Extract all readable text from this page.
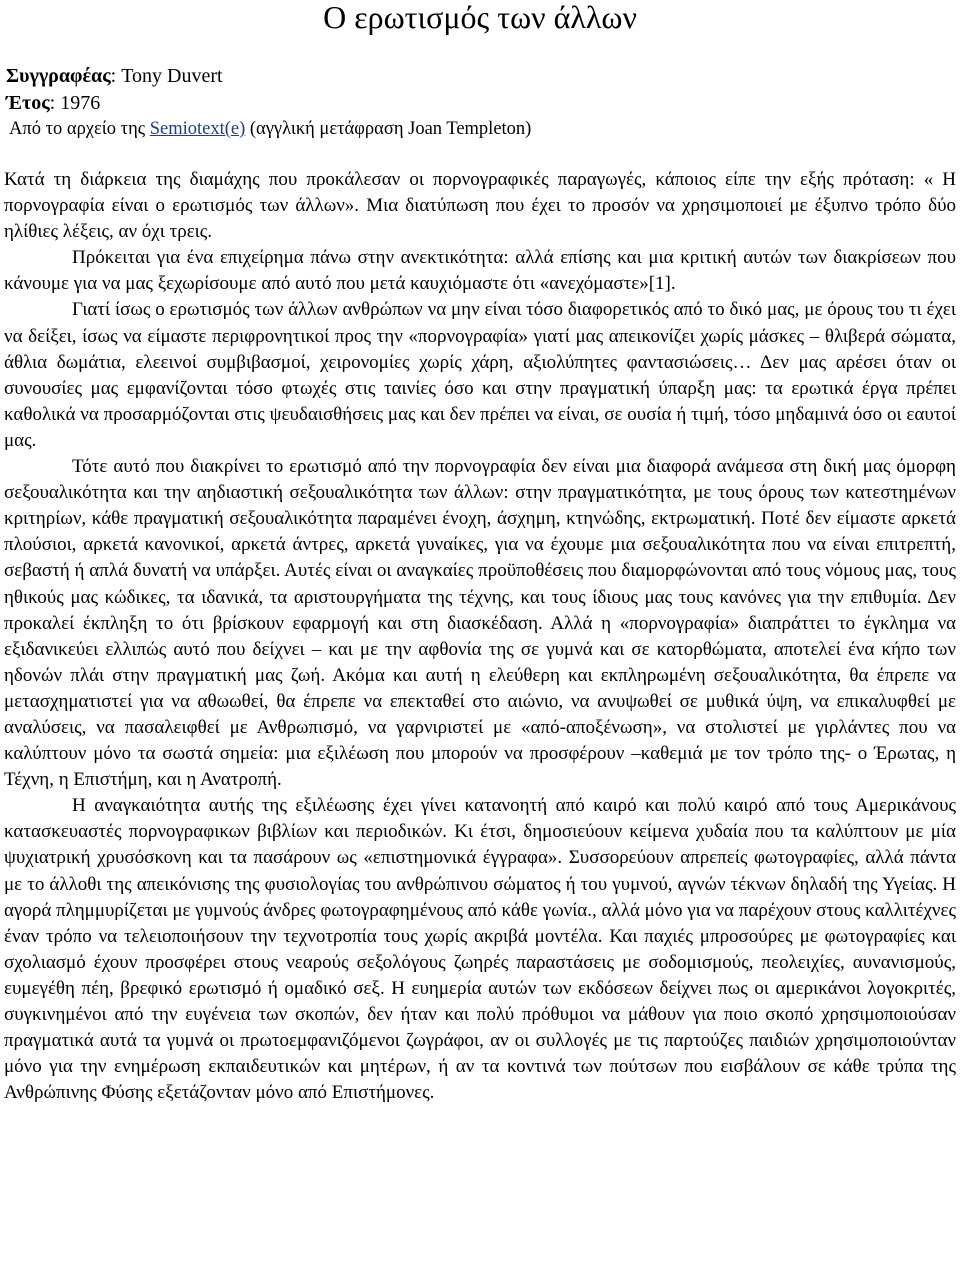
Ο ερωτισμός των άλλων
Συγγραφέας: Tony Duvert
Έτος: 1976
Από το αρχείο της Semiotext(e) (αγγλική μετάφραση Joan Templeton)

Κατά τη διάρκεια της διαμάχης που προκάλεσαν οι πορνογραφικές παραγωγές, κάποιος είπε την εξής πρόταση: « Η πορνογραφία είναι ο ερωτισμός των άλλων». Μια διατύπωση που έχει το προσόν να χρησιμοποιεί με έξυπνο τρόπο δύο ηλίθιες λέξεις, αν όχι τρεις.

Πρόκειται για ένα επιχείρημα πάνω στην ανεκτικότητα: αλλά επίσης και μια κριτική αυτών των διακρίσεων που κάνουμε για να μας ξεχωρίσουμε από αυτό που μετά καυχιόμαστε ότι «ανεχόμαστε»[1].

Γιατί ίσως ο ερωτισμός των άλλων ανθρώπων να μην είναι τόσο διαφορετικός από το δικό μας, με όρους του τι έχει να δείξει, ίσως να είμαστε περιφρονητικοί προς την «πορνογραφία» γιατί μας απεικονίζει χωρίς μάσκες – θλιβερά σώματα, άθλια δωμάτια, ελεεινοί συμβιβασμοί, χειρονομίες χωρίς χάρη, αξιολύπητες φαντασιώσεις… Δεν μας αρέσει όταν οι συνουσίες μας εμφανίζονται τόσο φτωχές στις ταινίες όσο και στην πραγματική ύπαρξη μας: τα ερωτικά έργα πρέπει καθολικά να προσαρμόζονται στις ψευδαισθήσεις μας και δεν πρέπει να είναι, σε ουσία ή τιμή, τόσο μηδαμινά όσο οι εαυτοί μας.

Τότε αυτό που διακρίνει το ερωτισμό από την πορνογραφία δεν είναι μια διαφορά ανάμεσα στη δική μας όμορφη σεξουαλικότητα και την αηδιαστική σεξουαλικότητα των άλλων: στην πραγματικότητα, με τους όρους των κατεστημένων κριτηρίων, κάθε πραγματική σεξουαλικότητα παραμένει ένοχη, άσχημη, κτηνώδης, εκτρωματική. Ποτέ δεν είμαστε αρκετά πλούσιοι, αρκετά κανονικοί, αρκετά άντρες, αρκετά γυναίκες, για να έχουμε μια σεξουαλικότητα που να είναι επιτρεπτή, σεβαστή ή απλά δυνατή να υπάρξει. Αυτές είναι οι αναγκαίες προϋποθέσεις που διαμορφώνονται από τους νόμους μας, τους ηθικούς μας κώδικες, τα ιδανικά, τα αριστουργήματα της τέχνης, και τους ίδιους μας τους κανόνες για την επιθυμία. Δεν προκαλεί έκπληξη το ότι βρίσκουν εφαρμογή και στη διασκέδαση. Αλλά η «πορνογραφία» διαπράττει το έγκλημα να εξιδανικεύει ελλιπώς αυτό που δείχνει – και με την αφθονία της σε γυμνά και σε κατορθώματα, αποτελεί ένα κήπο των ηδονών πλάι στην πραγματική μας ζωή. Ακόμα και αυτή η ελεύθερη και εκπληρωμένη σεξουαλικότητα, θα έπρεπε να μετασχηματιστεί για να αθωωθεί, θα έπρεπε να επεκταθεί στο αιώνιο, να ανυψωθεί σε μυθικά ύψη, να επικαλυφθεί με αναλύσεις, να πασαλειφθεί με Ανθρωπισμό, να γαρνιριστεί με «από-αποξένωση», να στολιστεί με γιρλάντες που να καλύπτουν μόνο τα σωστά σημεία: μια εξιλέωση που μπορούν να προσφέρουν –καθεμιά με τον τρόπο της- ο Έρωτας, η Τέχνη, η Επιστήμη, και η Ανατροπή.

Η αναγκαιότητα αυτής της εξιλέωσης έχει γίνει κατανοητή από καιρό και πολύ καιρό από τους Αμερικάνους κατασκευαστές πορνογραφικων βιβλίων και περιοδικών. Κι έτσι, δημοσιεύουν κείμενα χυδαία που τα καλύπτουν με μία ψυχιατρική χρυσόσκονη και τα πασάρουν ως «επιστημονικά έγγραφα». Συσσορεύουν απρεπείς φωτογραφίες, αλλά πάντα με το άλλοθι της απεικόνισης της φυσιολογίας του ανθρώπινου σώματος ή του γυμνού, αγνών τέκνων δηλαδή της Υγείας. Η αγορά πλημμυρίζεται με γυμνούς άνδρες φωτογραφημένους από κάθε γωνία., αλλά μόνο για να παρέχουν στους καλλιτέχνες έναν τρόπο να τελειοποιήσουν την τεχνοτροπία τους χωρίς ακριβά μοντέλα. Και παχιές μπροσούρες με φωτογραφίες και σχολιασμό έχουν προσφέρει στους νεαρούς σεξολόγους ζωηρές παραστάσεις με σοδομισμούς, πεολειχίες, αυνανισμούς, ευμεγέθη πέη, βρεφικό ερωτισμό ή ομαδικό σεξ. Η ευημερία αυτών των εκδόσεων δείχνει πως οι αμερικάνοι λογοκριτές, συγκινημένοι από την ευγένεια των σκοπών, δεν ήταν και πολύ πρόθυμοι να μάθουν για ποιο σκοπό χρησιμοποιούσαν πραγματικά αυτά τα γυμνά οι πρωτοεμφανιζόμενοι ζωγράφοι, αν οι συλλογές με τις παρτούζες παιδιών χρησιμοποιούνταν μόνο για την ενημέρωση εκπαιδευτικών και μητέρων, ή αν τα κοντινά των πούτσων που εισβάλουν σε κάθε τρύπα της Ανθρώπινης Φύσης εξετάζονταν μόνο από Επιστήμονες.
